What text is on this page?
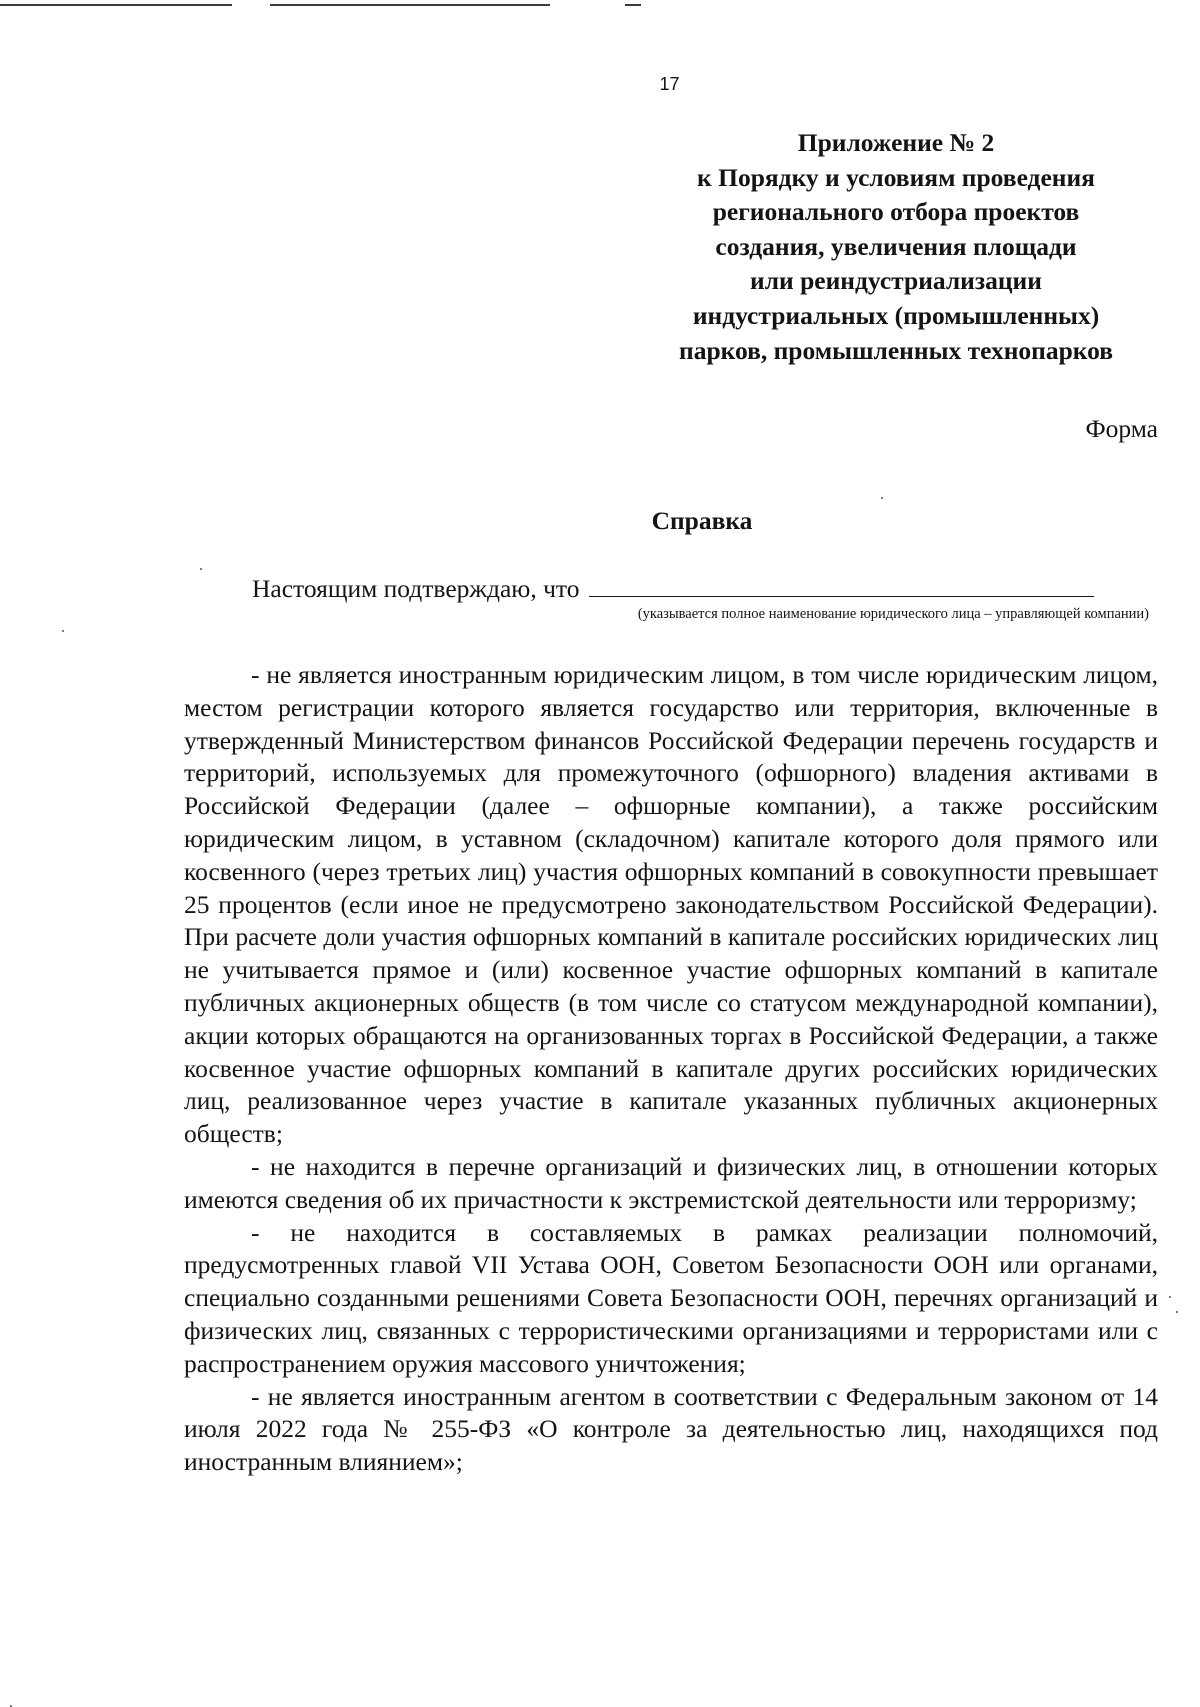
17
Приложение № 2
к Порядку и условиям проведения
регионального отбора проектов
создания, увеличения площади
или реиндустриализации
индустриальных (промышленных)
парков, промышленных технопарков
Форма
Справка
Настоящим подтверждаю, что
(указывается полное наименование юридического лица – управляющей компании)

- не является иностранным юридическим лицом, в том числе юридическим лицом, местом регистрации которого является государство или территория, включенные в утвержденный Министерством финансов Российской Федерации перечень государств и территорий, используемых для промежуточного (офшорного) владения активами в Российской Федерации (далее – офшорные компании), а также российским юридическим лицом, в уставном (складочном) капитале которого доля прямого или косвенного (через третьих лиц) участия офшорных компаний в совокупности превышает 25 процентов (если иное не предусмотрено законодательством Российской Федерации). При расчете доли участия офшорных компаний в капитале российских юридических лиц не учитывается прямое и (или) косвенное участие офшорных компаний в капитале публичных акционерных обществ (в том числе со статусом международной компании), акции которых обращаются на организованных торгах в Российской Федерации, а также косвенное участие офшорных компаний в капитале других российских юридических лиц, реализованное через участие в капитале указанных публичных акционерных обществ;

- не находится в перечне организаций и физических лиц, в отношении которых имеются сведения об их причастности к экстремистской деятельности или терроризму;

- не находится в составляемых в рамках реализации полномочий, предусмотренных главой VII Устава ООН, Советом Безопасности ООН или органами, специально созданными решениями Совета Безопасности ООН, перечнях организаций и физических лиц, связанных с террористическими организациями и террористами или с распространением оружия массового уничтожения;

- не является иностранным агентом в соответствии с Федеральным законом от 14 июля 2022 года № 255-ФЗ «О контроле за деятельностью лиц, находящихся под иностранным влиянием»;
